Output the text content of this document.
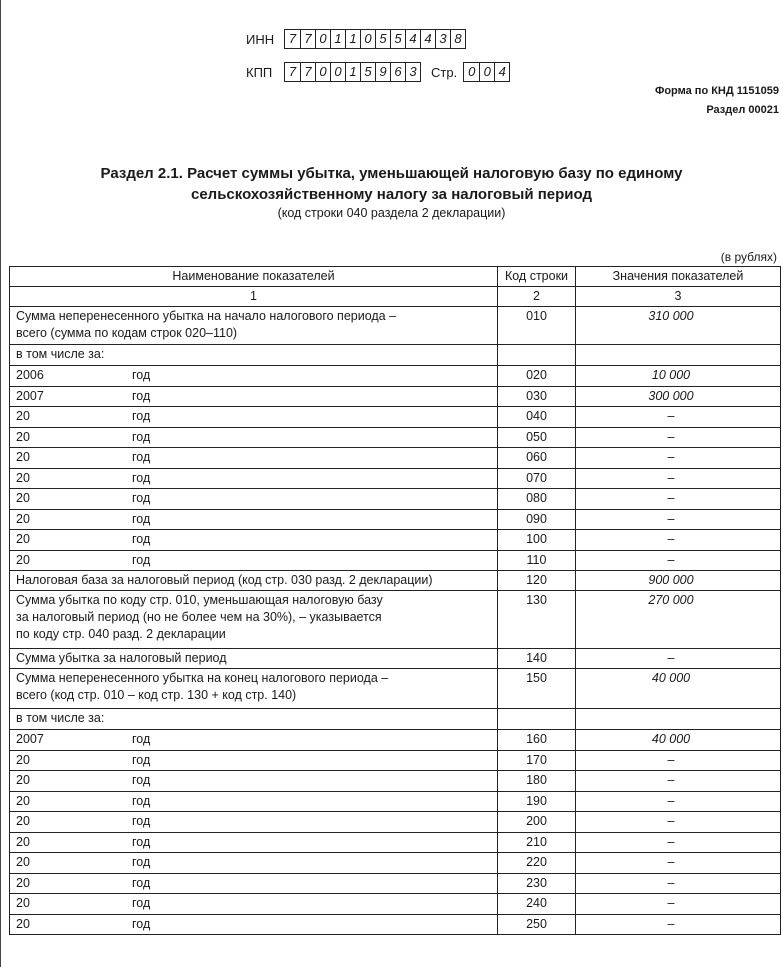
ИНН	7 7 0 1 1 0 5 5 4 4 3 8
КПП	7 7 0 0 1 5 9 6 3 Стр. 0 0 4
Форма по КНД 1151059
Раздел 00021
Раздел 2.1. Расчет суммы убытка, уменьшающей налоговую базу по единому
сельскохозяйственному налогу за налоговый период
(код строки 040 раздела 2 декларации)
(в рублях)
Наименование показателей	Код строки	Значения показателей
1	2	3

Сумма неперенесенного убытка на начало налогового периода –
всего (сумма по кодам строк 020–110)	010	310 000

в том числе за:		

2006 год	020	10 000
2007 год	030	300 000
20 год	040	–
20 год	050	–
20 год	060	–
20 год	070	–
20 год	080	–
20 год	090	–
20 год	100	–
20 год	110	–

Налоговая база за налоговый период (код стр. 030 разд. 2 декларации)	120	900 000

Сумма убытка по коду стр. 010, уменьшающая налоговую базу
за налоговый период (но не более чем на 30%), – указывается
по коду стр. 040 разд. 2 декларации	130	270 000

Сумма убытка за налоговый период	140	–

Сумма неперенесенного убытка на конец налогового периода –
всего (код стр. 010 – код стр. 130 + код стр. 140)	150	40 000

в том числе за:		

2007 год	160	40 000
20 год	170	–
20 год	180	–
20 год	190	–
20 год	200	–
20 год	210	–
20 год	220	–
20 год	230	–
20 год	240	–
20 год	250	–
